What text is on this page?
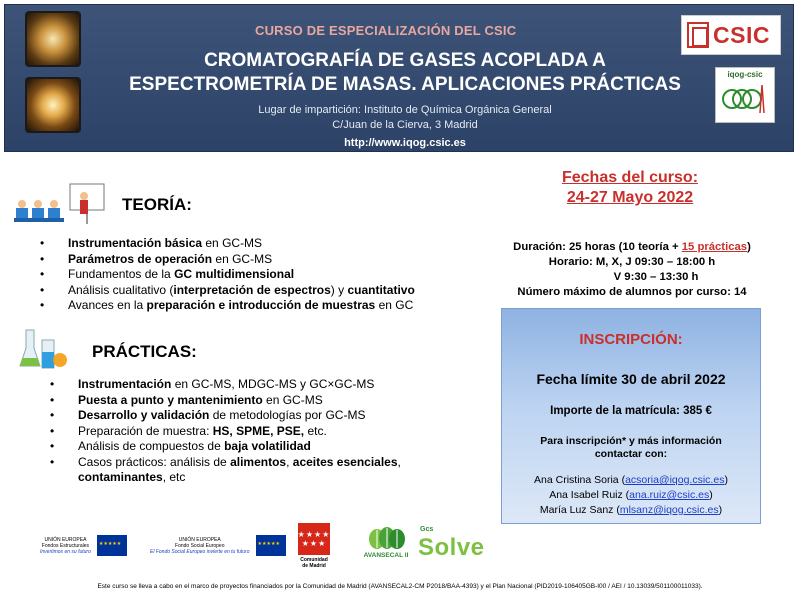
CURSO DE ESPECIALIZACIÓN DEL CSIC
CROMATOGRAFÍA DE GASES ACOPLADA A
ESPECTROMETRÍA DE MASAS. APLICACIONES PRÁCTICAS
Lugar de impartición: Instituto de Química Orgánica General
C/Juan de la Cierva, 3 Madrid
http://www.iqog.csic.es
CSIC
iqog-csic
TEORÍA:
• Instrumentación básica en GC-MS
• Parámetros de operación en GC-MS
• Fundamentos de la GC multidimensional
• Análisis cualitativo (interpretación de espectros) y cuantitativo
• Avances en la preparación e introducción de muestras en GC
PRÁCTICAS:
• Instrumentación en GC-MS, MDGC-MS y GC×GC-MS
• Puesta a punto y mantenimiento en GC-MS
• Desarrollo y validación de metodologías por GC-MS
• Preparación de muestra: HS, SPME, PSE, etc.
• Análisis de compuestos de baja volatilidad
• Casos prácticos: análisis de alimentos, aceites esenciales,
contaminantes, etc
Fechas del curso:
24-27 Mayo 2022
Duración: 25 horas (10 teoría + 15 prácticas)
Horario: M, X, J 09:30 – 18:00 h
V 9:30 – 13:30 h
Número máximo de alumnos por curso: 14
INSCRIPCIÓN:
Fecha límite 30 de abril 2022
Importe de la matrícula: 385 €
Para inscripción* y más información
contactar con:
Ana Cristina Soria (acsoria@iqog.csic.es)
Ana Isabel Ruiz (ana.ruiz@csic.es)
María Luz Sanz (mlsanz@iqog.csic.es)
UNIÓN EUROPEA
Fondos Estructurales
Invertimos en su futuro
★★★★★
UNIÓN EUROPEA
Fondo Social Europeo
El Fondo Social Europeo invierte en tu futuro
★★★★★
★★★★
★★★
Comunidad
de Madrid
AVANSECAL II
Gcs
Solve
Este curso se lleva a cabo en el marco de proyectos financiados por la Comunidad de Madrid (AVANSECAL2-CM P2018/BAA-4393) y el Plan Nacional (PID2019-106405GB-I00 / AEI / 10.13039/501100011033).
